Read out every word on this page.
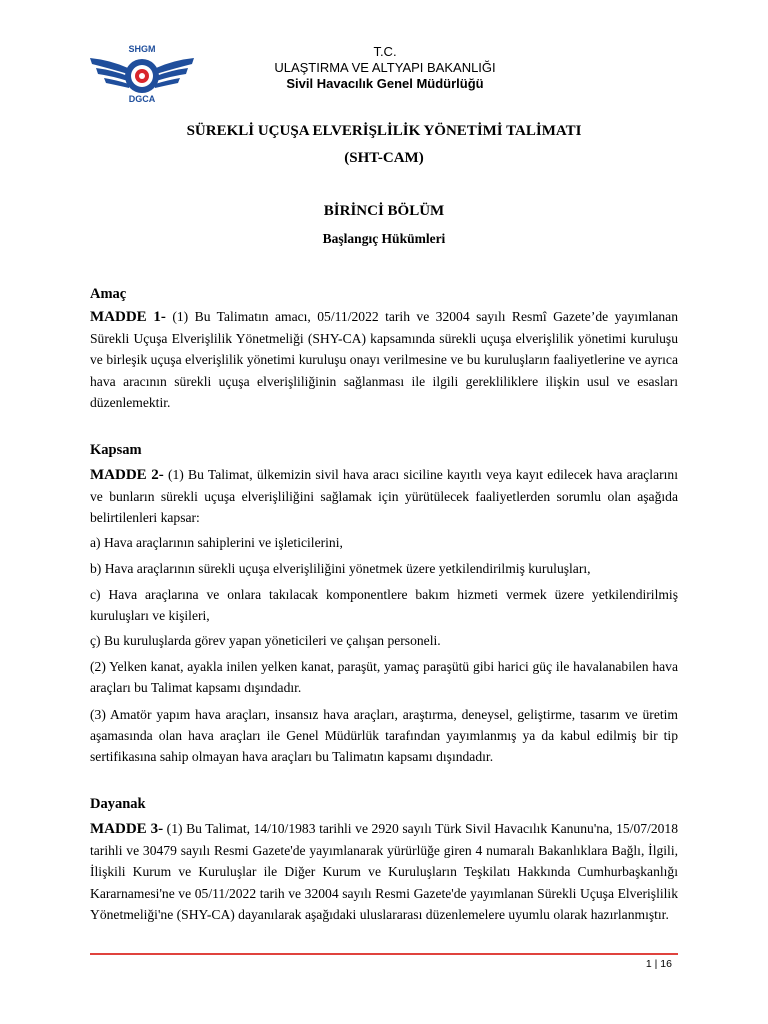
SHGM
DGCA
T.C.
ULAŞTIRMA VE ALTYAPI BAKANLIĞI
Sivil Havacılık Genel Müdürlüğü
SÜREKLİ UÇUŞA ELVERİŞLİLİK YÖNETİMİ TALİMATI
(SHT-CAM)
BİRİNCİ BÖLÜM
Başlangıç Hükümleri
Amaç
MADDE 1- (1) Bu Talimatın amacı, 05/11/2022 tarih ve 32004 sayılı Resmî Gazete’de yayımlanan Sürekli Uçuşa Elverişlilik Yönetmeliği (SHY-CA) kapsamında sürekli uçuşa elverişlilik yönetimi kuruluşu ve birleşik uçuşa elverişlilik yönetimi kuruluşu onayı verilmesine ve bu kuruluşların faaliyetlerine ve ayrıca hava aracının sürekli uçuşa elverişliliğinin sağlanması ile ilgili gerekliliklere ilişkin usul ve esasları düzenlemektir.
Kapsam
MADDE 2- (1) Bu Talimat, ülkemizin sivil hava aracı siciline kayıtlı veya kayıt edilecek hava araçlarını ve bunların sürekli uçuşa elverişliliğini sağlamak için yürütülecek faaliyetlerden sorumlu olan aşağıda belirtilenleri kapsar:
a) Hava araçlarının sahiplerini ve işleticilerini,
b) Hava araçlarının sürekli uçuşa elverişliliğini yönetmek üzere yetkilendirilmiş kuruluşları,
c) Hava araçlarına ve onlara takılacak komponentlere bakım hizmeti vermek üzere yetkilendirilmiş kuruluşları ve kişileri,
ç) Bu kuruluşlarda görev yapan yöneticileri ve çalışan personeli.
(2) Yelken kanat, ayakla inilen yelken kanat, paraşüt, yamaç paraşütü gibi harici güç ile havalanabilen hava araçları bu Talimat kapsamı dışındadır.
(3) Amatör yapım hava araçları, insansız hava araçları, araştırma, deneysel, geliştirme, tasarım ve üretim aşamasında olan hava araçları ile Genel Müdürlük tarafından yayımlanmış ya da kabul edilmiş bir tip sertifikasına sahip olmayan hava araçları bu Talimatın kapsamı dışındadır.
Dayanak
MADDE 3- (1) Bu Talimat, 14/10/1983 tarihli ve 2920 sayılı Türk Sivil Havacılık Kanunu'na, 15/07/2018 tarihli ve 30479 sayılı Resmi Gazete'de yayımlanarak yürürlüğe giren 4 numaralı Bakanlıklara Bağlı, İlgili, İlişkili Kurum ve Kuruluşlar ile Diğer Kurum ve Kuruluşların Teşkilatı Hakkında Cumhurbaşkanlığı Kararnamesi'ne ve 05/11/2022 tarih ve 32004 sayılı Resmi Gazete'de yayımlanan Sürekli Uçuşa Elverişlilik Yönetmeliği'ne (SHY-CA) dayanılarak aşağıdaki uluslararası düzenlemelere uyumlu olarak hazırlanmıştır.
1 | 16
